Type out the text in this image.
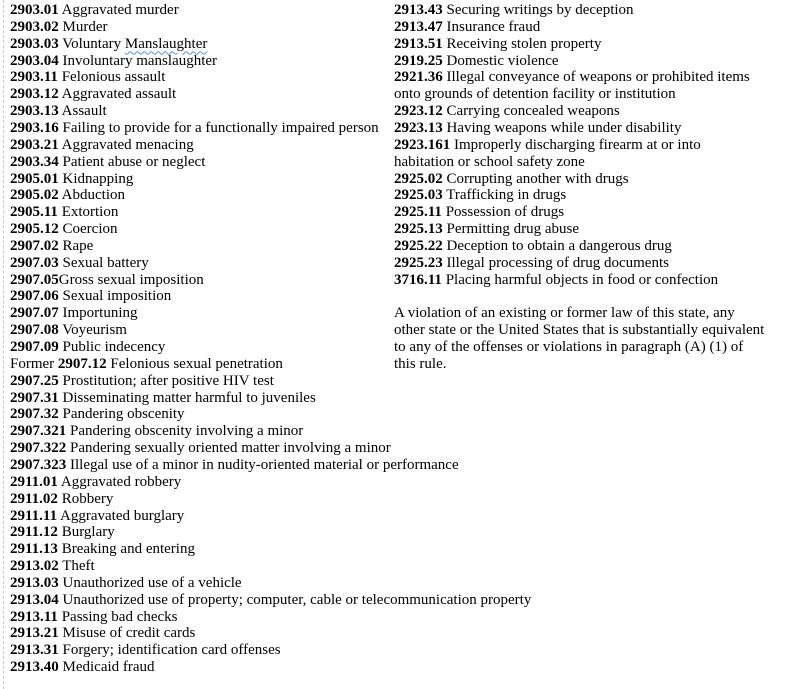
2903.01 Aggravated murder
2903.02 Murder
2903.03 Voluntary Manslaughter
2903.04 Involuntary manslaughter
2903.11 Felonious assault
2903.12 Aggravated assault
2903.13 Assault
2903.16 Failing to provide for a functionally impaired person
2903.21 Aggravated menacing
2903.34 Patient abuse or neglect
2905.01 Kidnapping
2905.02 Abduction
2905.11 Extortion
2905.12 Coercion
2907.02 Rape
2907.03 Sexual battery
2907.05Gross sexual imposition
2907.06 Sexual imposition
2907.07 Importuning
2907.08 Voyeurism
2907.09 Public indecency
Former 2907.12 Felonious sexual penetration
2907.25 Prostitution; after positive HIV test
2907.31 Disseminating matter harmful to juveniles
2907.32 Pandering obscenity
2907.321 Pandering obscenity involving a minor
2907.322 Pandering sexually oriented matter involving a minor
2907.323 Illegal use of a minor in nudity-oriented material or performance
2911.01 Aggravated robbery
2911.02 Robbery
2911.11 Aggravated burglary
2911.12 Burglary
2911.13 Breaking and entering
2913.02 Theft
2913.03 Unauthorized use of a vehicle
2913.04 Unauthorized use of property; computer, cable or telecommunication property
2913.11 Passing bad checks
2913.21 Misuse of credit cards
2913.31 Forgery; identification card offenses
2913.40 Medicaid fraud
2913.43 Securing writings by deception
2913.47 Insurance fraud
2913.51 Receiving stolen property
2919.25 Domestic violence
2921.36 Illegal conveyance of weapons or prohibited items
onto grounds of detention facility or institution
2923.12 Carrying concealed weapons
2923.13 Having weapons while under disability
2923.161 Improperly discharging firearm at or into
habitation or school safety zone
2925.02 Corrupting another with drugs
2925.03 Trafficking in drugs
2925.11 Possession of drugs
2925.13 Permitting drug abuse
2925.22 Deception to obtain a dangerous drug
2925.23 Illegal processing of drug documents
3716.11 Placing harmful objects in food or confection
A violation of an existing or former law of this state, any
other state or the United States that is substantially equivalent
to any of the offenses or violations in paragraph (A) (1) of
this rule.
